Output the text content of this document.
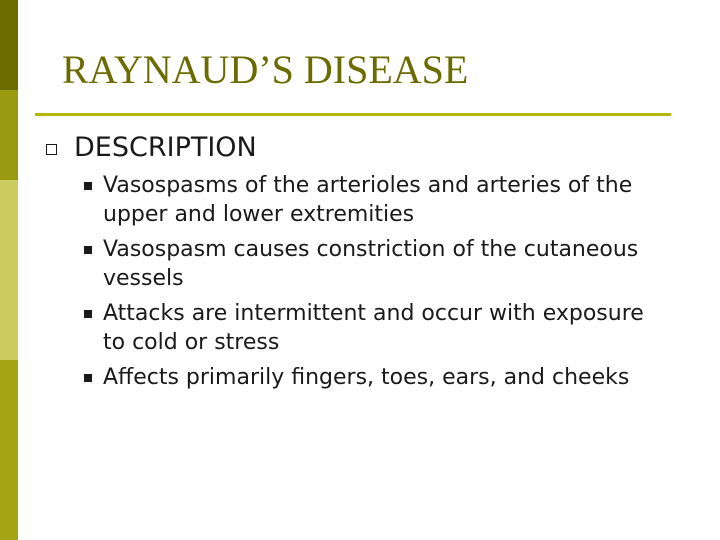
RAYNAUD’S DISEASE
DESCRIPTION
Vasospasms of the arterioles and arteries of the upper and lower extremities
Vasospasm causes constriction of the cutaneous vessels
Attacks are intermittent and occur with exposure to cold or stress
Affects primarily fingers, toes, ears, and cheeks
